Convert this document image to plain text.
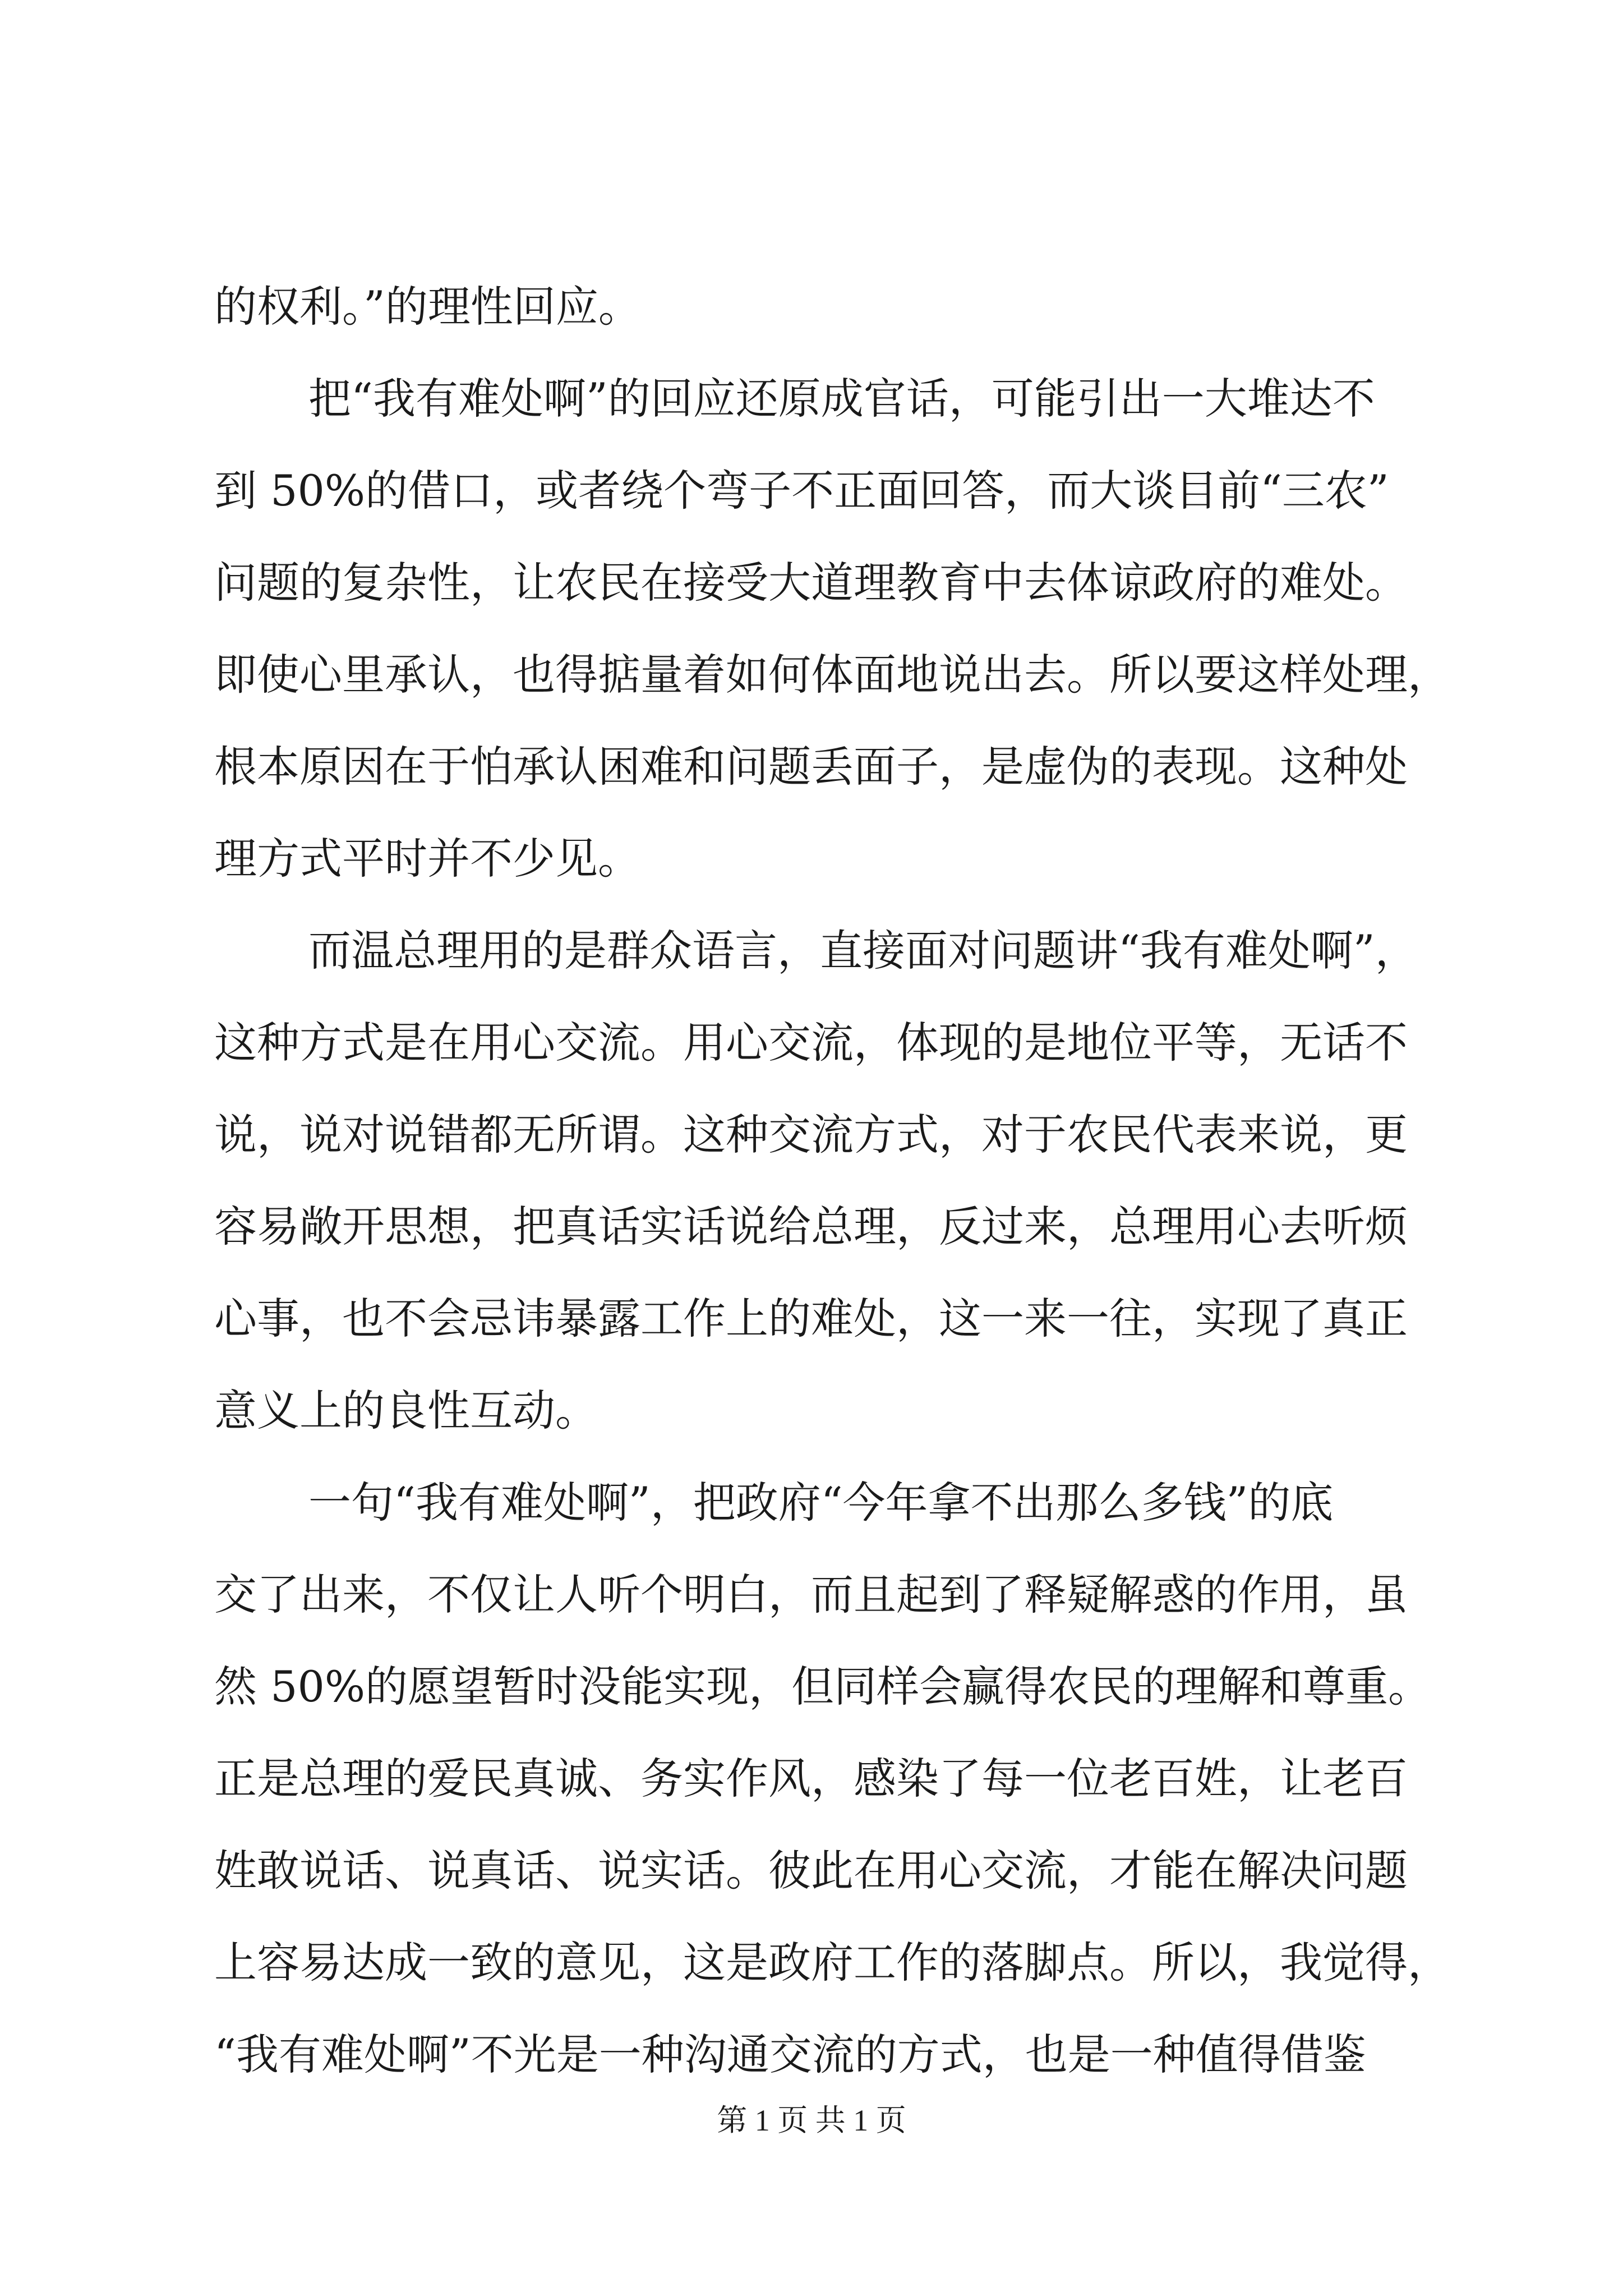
的权利。”的理性回应。
把“我有难处啊”的回应还原成官话，可能引出一大堆达不
到 50%的借口，或者绕个弯子不正面回答，而大谈目前“三农”
问题的复杂性，让农民在接受大道理教育中去体谅政府的难处。
即使心里承认，也得掂量着如何体面地说出去。所以要这样处理，
根本原因在于怕承认困难和问题丢面子，是虚伪的表现。这种处
理方式平时并不少见。
而温总理用的是群众语言，直接面对问题讲“我有难处啊”，
这种方式是在用心交流。用心交流，体现的是地位平等，无话不
说，说对说错都无所谓。这种交流方式，对于农民代表来说，更
容易敞开思想，把真话实话说给总理，反过来，总理用心去听烦
心事，也不会忌讳暴露工作上的难处，这一来一往，实现了真正
意义上的良性互动。
一句“我有难处啊”，把政府“今年拿不出那么多钱”的底
交了出来，不仅让人听个明白，而且起到了释疑解惑的作用，虽
然 50%的愿望暂时没能实现，但同样会赢得农民的理解和尊重。
正是总理的爱民真诚、务实作风，感染了每一位老百姓，让老百
姓敢说话、说真话、说实话。彼此在用心交流，才能在解决问题
上容易达成一致的意见，这是政府工作的落脚点。所以，我觉得，
“我有难处啊”不光是一种沟通交流的方式，也是一种值得借鉴
第 1 页 共 1 页
